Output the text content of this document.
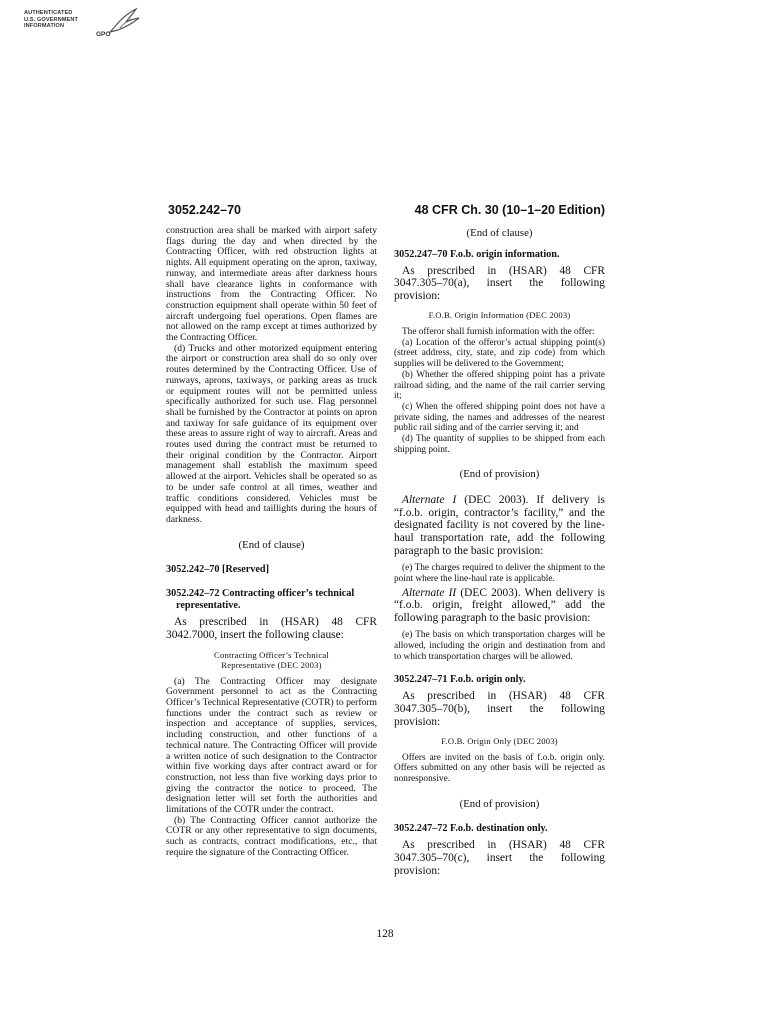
AUTHENTICATED
U.S. GOVERNMENT
INFORMATION
GPO
3052.242–70	48 CFR Ch. 30 (10–1–20 Edition)

construction area shall be marked with airport safety flags during the day and when directed by the Contracting Officer, with red obstruction lights at nights. All equipment operating on the apron, taxiway, runway, and intermediate areas after darkness hours shall have clearance lights in conformance with instructions from the Contracting Officer. No construction equipment shall operate within 50 feet of aircraft undergoing fuel operations. Open flames are not allowed on the ramp except at times authorized by the Contracting Officer.

(d) Trucks and other motorized equipment entering the airport or construction area shall do so only over routes determined by the Contracting Officer. Use of runways, aprons, taxiways, or parking areas as truck or equipment routes will not be permitted unless specifically authorized for such use. Flag personnel shall be furnished by the Contractor at points on apron and taxiway for safe guidance of its equipment over these areas to assure right of way to aircraft. Areas and routes used during the contract must be returned to their original condition by the Contractor. Airport management shall establish the maximum speed allowed at the airport. Vehicles shall be operated so as to be under safe control at all times, weather and traffic conditions considered. Vehicles must be equipped with head and taillights during the hours of darkness.

(End of clause)

3052.242–70 [Reserved]

3052.242–72 Contracting officer’s technical representative.

As prescribed in (HSAR) 48 CFR 3042.7000, insert the following clause:

Contracting Officer’s Technical
Representative (DEC 2003)

(a) The Contracting Officer may designate Government personnel to act as the Contracting Officer’s Technical Representative (COTR) to perform functions under the contract such as review or inspection and acceptance of supplies, services, including construction, and other functions of a technical nature. The Contracting Officer will provide a written notice of such designation to the Contractor within five working days after contract award or for construction, not less than five working days prior to giving the contractor the notice to proceed. The designation letter will set forth the authorities and limitations of the COTR under the contract.

(b) The Contracting Officer cannot authorize the COTR or any other representative to sign documents, such as contracts, contract modifications, etc., that require the signature of the Contracting Officer.

(End of clause)

3052.247–70 F.o.b. origin information.

As prescribed in (HSAR) 48 CFR 3047.305–70(a), insert the following provision:

F.O.B. Origin Information (DEC 2003)

The offeror shall furnish information with the offer:

(a) Location of the offeror’s actual shipping point(s) (street address, city, state, and zip code) from which supplies will be delivered to the Government;

(b) Whether the offered shipping point has a private railroad siding, and the name of the rail carrier serving it;

(c) When the offered shipping point does not have a private siding, the names and addresses of the nearest public rail siding and of the carrier serving it; and

(d) The quantity of supplies to be shipped from each shipping point.

(End of provision)

Alternate I (DEC 2003). If delivery is “f.o.b. origin, contractor’s facility,” and the designated facility is not covered by the line-haul transportation rate, add the following paragraph to the basic provision:

(e) The charges required to deliver the shipment to the point where the line-haul rate is applicable.

Alternate II (DEC 2003). When delivery is “f.o.b. origin, freight allowed,” add the following paragraph to the basic provision:

(e) The basis on which transportation charges will be allowed, including the origin and destination from and to which transportation charges will be allowed.

3052.247–71 F.o.b. origin only.

As prescribed in (HSAR) 48 CFR 3047.305–70(b), insert the following provision:

F.O.B. Origin Only (DEC 2003)

Offers are invited on the basis of f.o.b. origin only. Offers submitted on any other basis will be rejected as nonresponsive.

(End of provision)

3052.247–72 F.o.b. destination only.

As prescribed in (HSAR) 48 CFR 3047.305–70(c), insert the following provision:

128
